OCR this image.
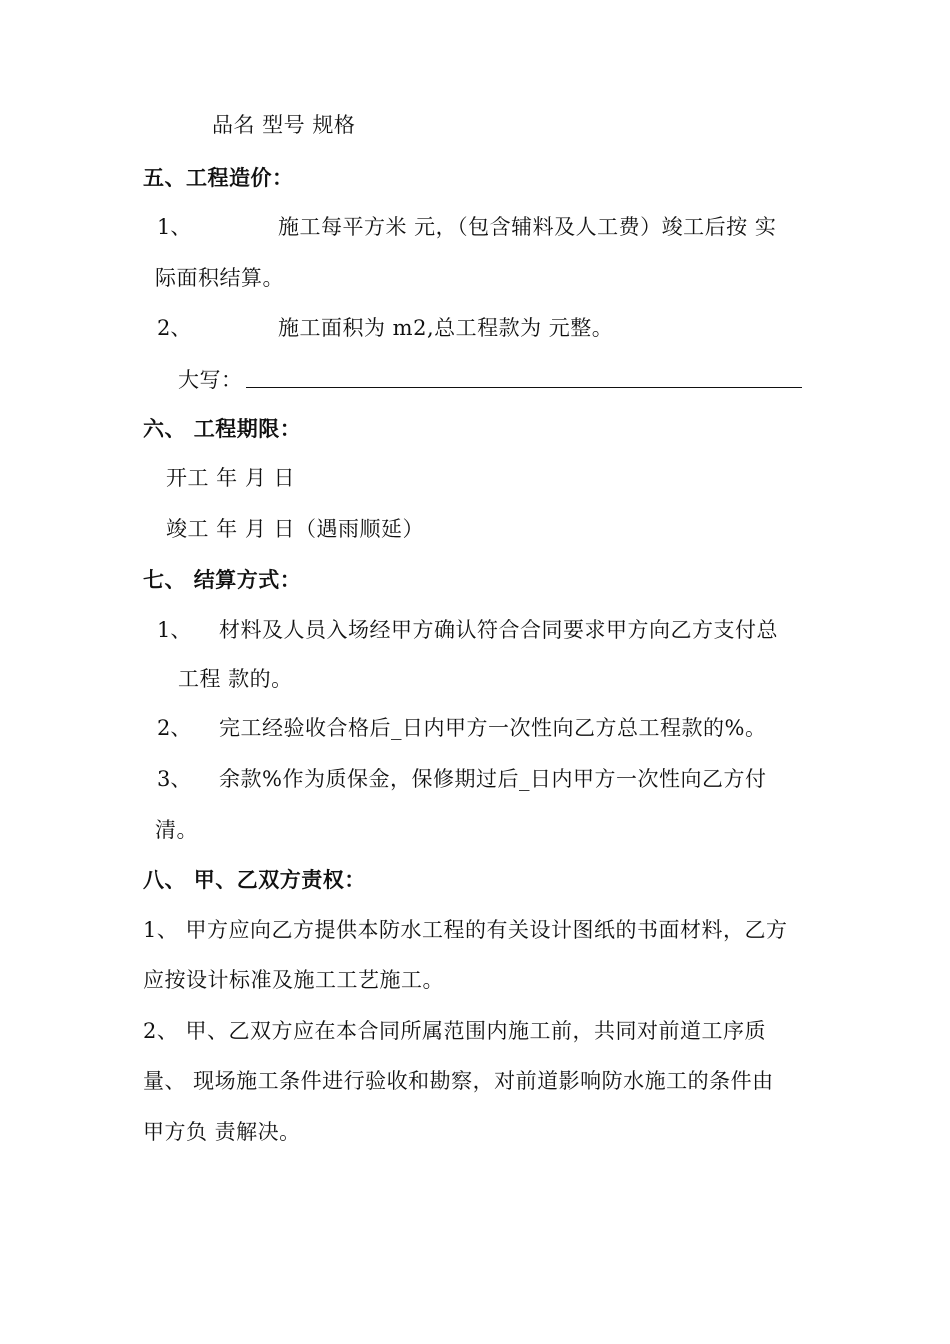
品名 型号 规格
五、工程造价：
1、	施工每平方米 元，（包含辅料及人工费）竣工后按 实
际面积结算。
2、	施工面积为 m2,总工程款为 元整。
大写：
六、 工程期限：
开工 年 月 日
竣工 年 月 日（遇雨顺延）
七、 结算方式：
1、 材料及人员入场经甲方确认符合合同要求甲方向乙方支付总
工程 款的。
2、 完工经验收合格后_日内甲方一次性向乙方总工程款的%。
3、 余款%作为质保金，保修期过后_日内甲方一次性向乙方付
清。
八、 甲、乙双方责权：
1、 甲方应向乙方提供本防水工程的有关设计图纸的书面材料，乙方
应按设计标准及施工工艺施工。
2、 甲、乙双方应在本合同所属范围内施工前，共同对前道工序质
量、 现场施工条件进行验收和勘察，对前道影响防水施工的条件由
甲方负 责解决。
